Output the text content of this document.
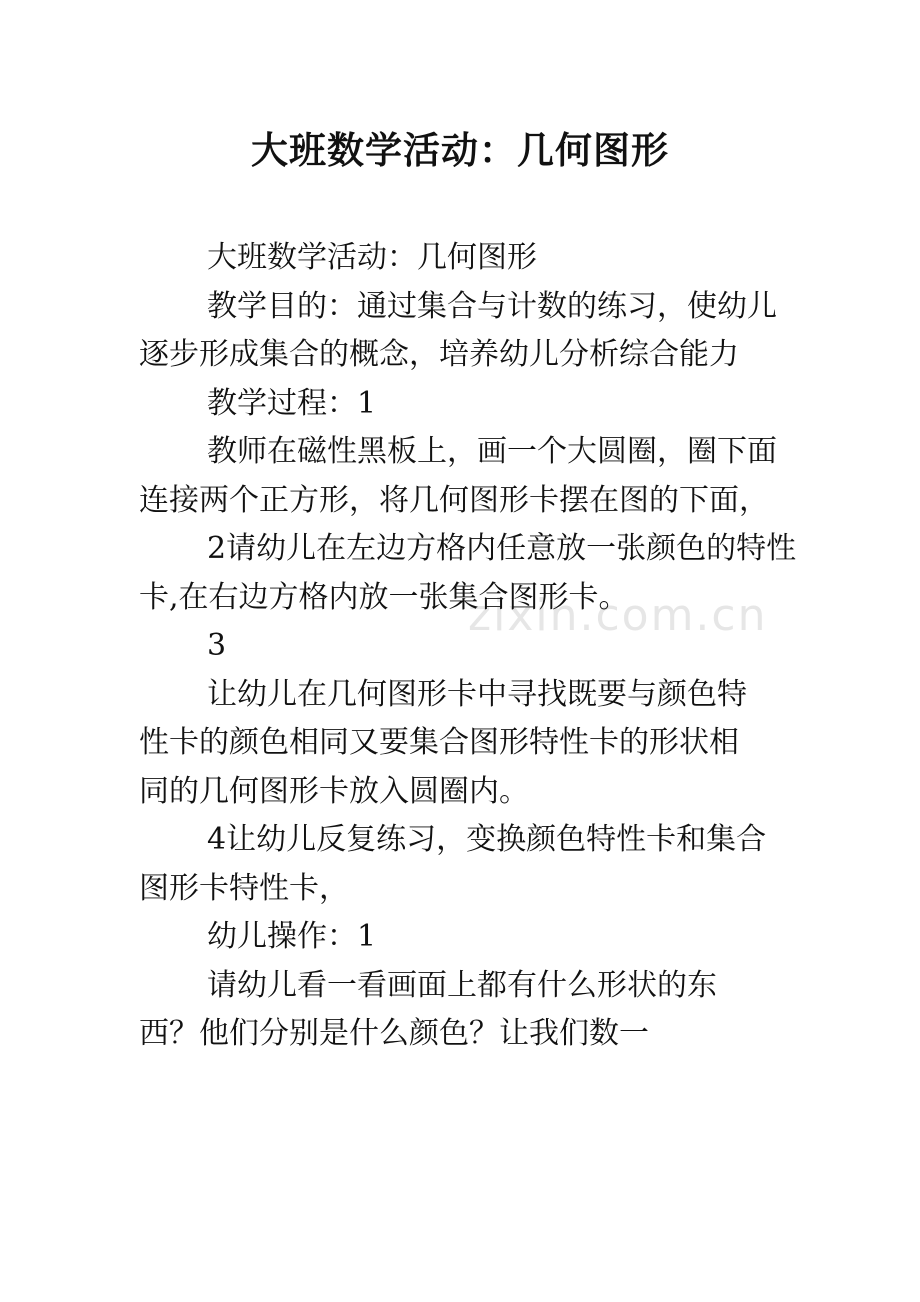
zixin.com.cn
大班数学活动：几何图形

大班数学活动：几何图形

教学目的：通过集合与计数的练习，使幼儿逐步形成集合的概念，培养幼儿分析综合能力

教学过程：1

教师在磁性黑板上，画一个大圆圈，圈下面连接两个正方形，将几何图形卡摆在图的下面，

2请幼儿在左边方格内任意放一张颜色的特性卡,在右边方格内放一张集合图形卡。

3

让幼儿在几何图形卡中寻找既要与颜色特性卡的颜色相同又要集合图形特性卡的形状相同的几何图形卡放入圆圈内。

4让幼儿反复练习，变换颜色特性卡和集合图形卡特性卡，

幼儿操作：1

请幼儿看一看画面上都有什么形状的东西？他们分别是什么颜色？让我们数一
